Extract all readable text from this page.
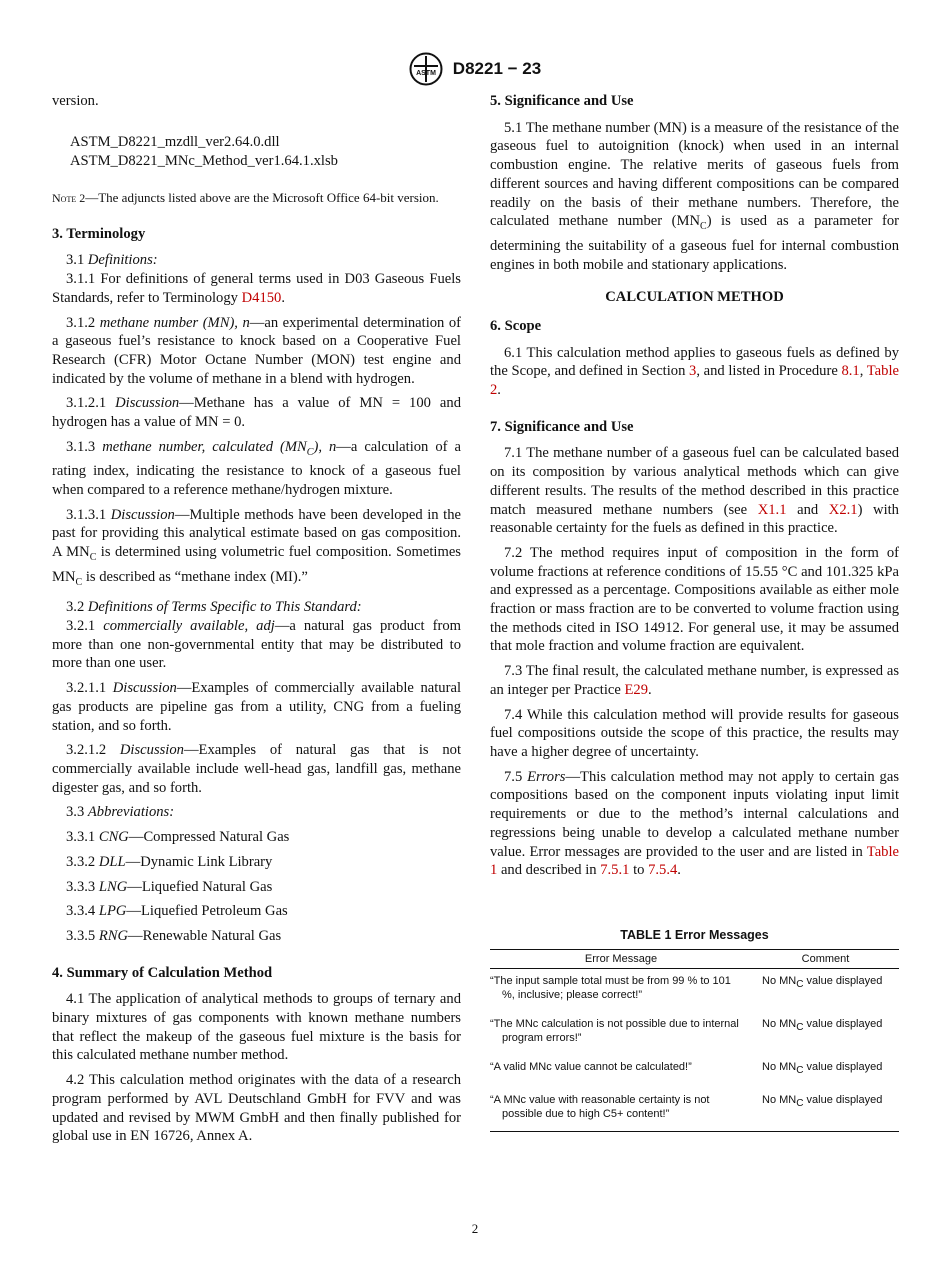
ASTM D8221 − 23

version.

ASTM_D8221_mzdll_ver2.64.0.dll
ASTM_D8221_MNc_Method_ver1.64.1.xlsb

Note 2—The adjuncts listed above are the Microsoft Office 64-bit version.

3. Terminology

3.1 Definitions:

3.1.1 For definitions of general terms used in D03 Gaseous Fuels Standards, refer to Terminology D4150.

3.1.2 methane number (MN), n—an experimental determination of a gaseous fuel’s resistance to knock based on a Cooperative Fuel Research (CFR) Motor Octane Number (MON) test engine and indicated by the volume of methane in a blend with hydrogen.

3.1.2.1 Discussion—Methane has a value of MN = 100 and hydrogen has a value of MN = 0.

3.1.3 methane number, calculated $(MN_C)$, n—a calculation of a rating index, indicating the resistance to knock of a gaseous fuel when compared to a reference methane/hydrogen mixture.

3.1.3.1 Discussion—Multiple methods have been developed in the past for providing this analytical estimate based on gas composition. A $MN_C$ is determined using volumetric fuel composition. Sometimes $MN_C$ is described as “methane index (MI).”

3.2 Definitions of Terms Specific to This Standard:

3.2.1 commercially available, adj—a natural gas product from more than one non-governmental entity that may be distributed to more than one user.

3.2.1.1 Discussion—Examples of commercially available natural gas products are pipeline gas from a utility, CNG from a fueling station, and so forth.

3.2.1.2 Discussion—Examples of natural gas that is not commercially available include well-head gas, landfill gas, methane digester gas, and so forth.

3.3 Abbreviations:

3.3.1 CNG—Compressed Natural Gas

3.3.2 DLL—Dynamic Link Library

3.3.3 LNG—Liquefied Natural Gas

3.3.4 LPG—Liquefied Petroleum Gas

3.3.5 RNG—Renewable Natural Gas

4. Summary of Calculation Method

4.1 The application of analytical methods to groups of ternary and binary mixtures of gas components with known methane numbers that reflect the makeup of the gaseous fuel mixture is the basis for this calculated methane number method.

4.2 This calculation method originates with the data of a research program performed by AVL Deutschland GmbH for FVV and was updated and revised by MWM GmbH and then finally published for global use in EN 16726, Annex A.

5. Significance and Use

5.1 The methane number (MN) is a measure of the resistance of the gaseous fuel to autoignition (knock) when used in an internal combustion engine. The relative merits of gaseous fuels from different sources and having different compositions can be compared readily on the basis of their methane numbers. Therefore, the calculated methane number $(MN_C)$ is used as a parameter for determining the suitability of a gaseous fuel for internal combustion engines in both mobile and stationary applications.

CALCULATION METHOD

6. Scope

6.1 This calculation method applies to gaseous fuels as defined by the Scope, and defined in Section 3, and listed in Procedure 8.1, Table 2.

7. Significance and Use

7.1 The methane number of a gaseous fuel can be calculated based on its composition by various analytical methods which can give different results. The results of the method described in this practice match measured methane numbers (see X1.1 and X2.1) with reasonable certainty for the fuels as defined in this practice.

7.2 The method requires input of composition in the form of volume fractions at reference conditions of 15.55 °C and 101.325 kPa and expressed as a percentage. Compositions available as either mole fraction or mass fraction are to be converted to volume fraction using the methods cited in ISO 14912. For general use, it may be assumed that mole fraction and volume fraction are equivalent.

7.3 The final result, the calculated methane number, is expressed as an integer per Practice E29.

7.4 While this calculation method will provide results for gaseous fuel compositions outside the scope of this practice, the results may have a higher degree of uncertainty.

7.5 Errors—This calculation method may not apply to certain gas compositions based on the component inputs violating input limit requirements or due to the method’s internal calculations and regressions being unable to develop a calculated methane number value. Error messages are provided to the user and are listed in Table 1 and described in 7.5.1 to 7.5.4.

TABLE 1 Error Messages
Error Message	Comment
“The input sample total must be from 99 % to 101 %, inclusive; please correct!”	No $MN_C$ value displayed
“The MNc calculation is not possible due to internal program errors!”	No $MN_C$ value displayed
“A valid MNc value cannot be calculated!”	No $MN_C$ value displayed
“A MNc value with reasonable certainty is not possible due to high C5+ content!”	No $MN_C$ value displayed
2
